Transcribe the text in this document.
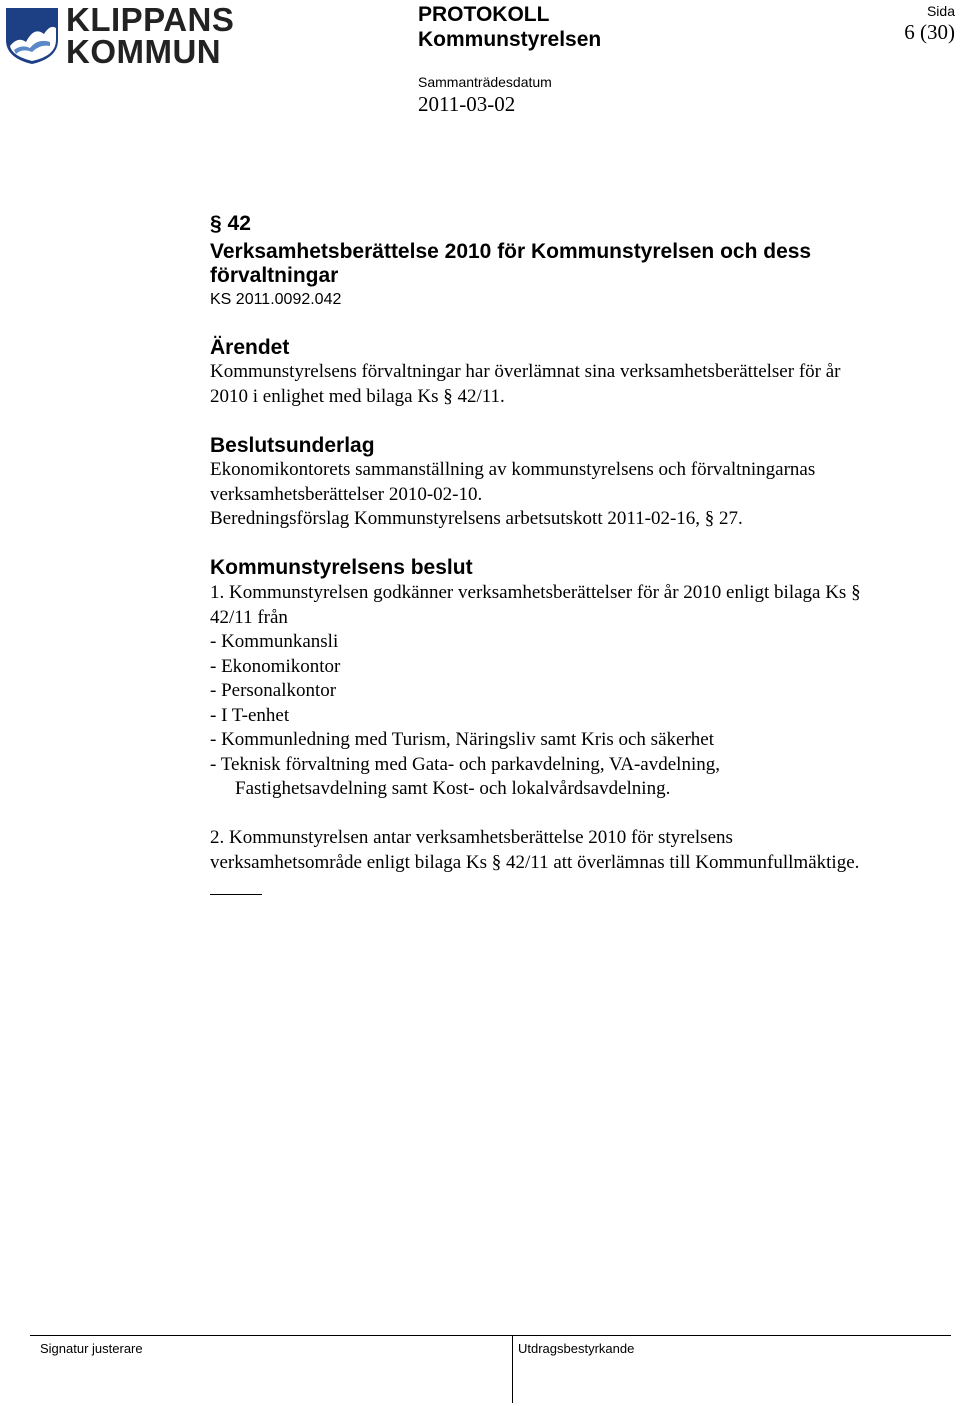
KLIPPANS
KOMMUN
PROTOKOLL
Kommunstyrelsen
Sammanträdesdatum
2011-03-02
Sida
6 (30)
§ 42
Verksamhetsberättelse 2010 för Kommunstyrelsen och dess
förvaltningar
KS 2011.0092.042
Ärendet
Kommunstyrelsens förvaltningar har överlämnat sina verksamhetsberättelser för år
2010 i enlighet med bilaga Ks § 42/11.
Beslutsunderlag
Ekonomikontorets sammanställning av kommunstyrelsens och förvaltningarnas
verksamhetsberättelser 2010-02-10.
Beredningsförslag Kommunstyrelsens arbetsutskott 2011-02-16, § 27.
Kommunstyrelsens beslut
1. Kommunstyrelsen godkänner verksamhetsberättelser för år 2010 enligt bilaga Ks §
42/11 från
- Kommunkansli
- Ekonomikontor
- Personalkontor
- I T-enhet
- Kommunledning med Turism, Näringsliv samt Kris och säkerhet
- Teknisk förvaltning med Gata- och parkavdelning, VA-avdelning,
Fastighetsavdelning samt Kost- och lokalvårdsavdelning.
2. Kommunstyrelsen antar verksamhetsberättelse 2010 för styrelsens
verksamhetsområde enligt bilaga Ks § 42/11 att överlämnas till Kommunfullmäktige.
Signatur justerare	Utdragsbestyrkande
